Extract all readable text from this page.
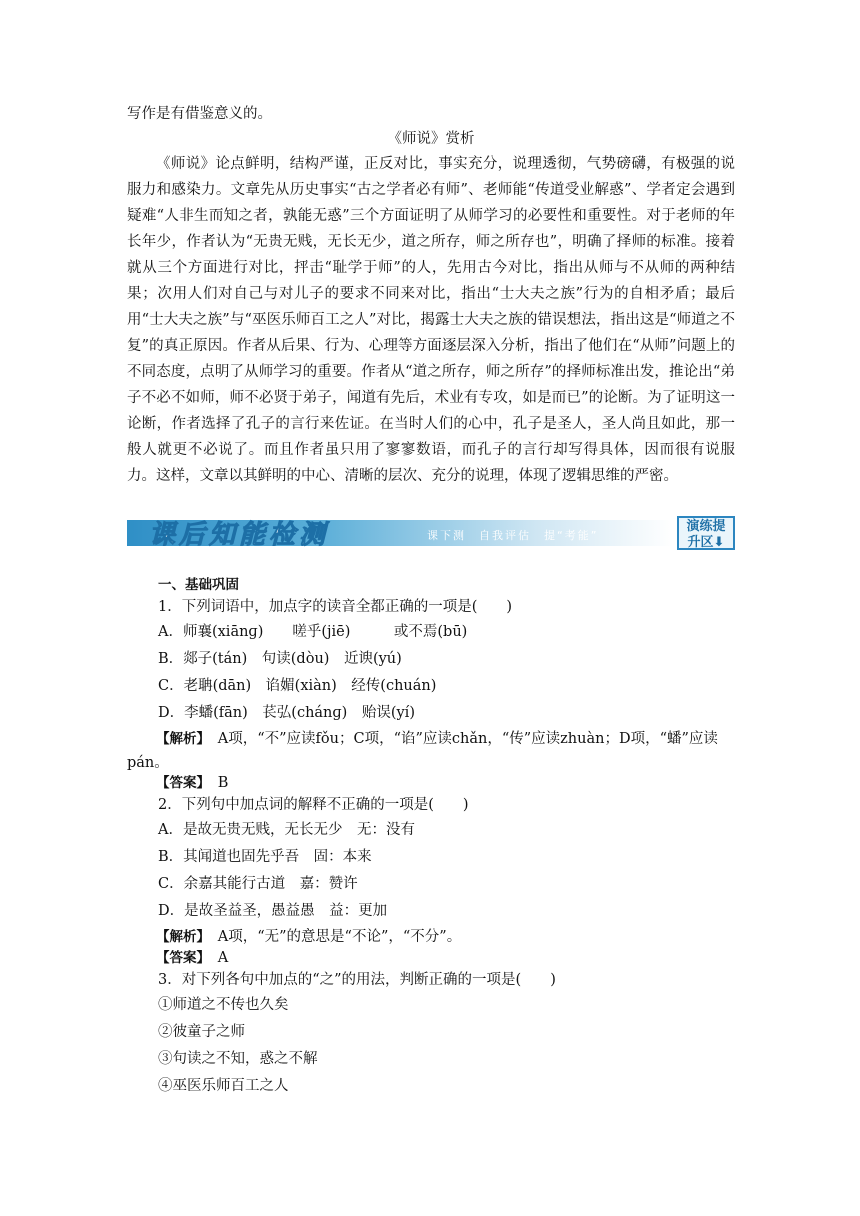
写作是有借鉴意义的。

《师说》赏析

《师说》论点鲜明，结构严谨，正反对比，事实充分，说理透彻，气势磅礴，有极强的说服力和感染力。文章先从历史事实“古之学者必有师”、老师能“传道受业解惑”、学者定会遇到疑难“人非生而知之者，孰能无惑”三个方面证明了从师学习的必要性和重要性。对于老师的年长年少，作者认为“无贵无贱，无长无少，道之所存，师之所存也”，明确了择师的标准。接着就从三个方面进行对比，抨击“耻学于师”的人，先用古今对比，指出从师与不从师的两种结果；次用人们对自己与对儿子的要求不同来对比，指出“士大夫之族”行为的自相矛盾；最后用“士大夫之族”与“巫医乐师百工之人”对比，揭露士大夫之族的错误想法，指出这是“师道之不复”的真正原因。作者从后果、行为、心理等方面逐层深入分析，指出了他们在“从师”问题上的不同态度，点明了从师学习的重要。作者从“道之所存，师之所存”的择师标准出发，推论出“弟子不必不如师，师不必贤于弟子，闻道有先后，术业有专攻，如是而已”的论断。为了证明这一论断，作者选择了孔子的言行来佐证。在当时人们的心中，孔子是圣人，圣人尚且如此，那一般人就更不必说了。而且作者虽只用了寥寥数语，而孔子的言行却写得具体，因而很有说服力。这样，文章以其鲜明的中心、清晰的层次、充分的说理，体现了逻辑思维的严密。

课后知能检测	课下测　自我评估　提“考能”
演练提
升区⬇

一、基础巩固

1．下列词语中，加点字的读音全都正确的一项是(　　)

A．师襄(xiānɡ)　　嗟乎(jiē)　　　或不焉(bū)

B．郯子(tán)　句读(dòu)　近谀(yú)

C．老聃(dān)　谄媚(xiàn)　经传(chuán)

D．李蟠(fān)　苌弘(chánɡ)　贻误(yí)

【解析】　A项，“不”应读fǒu；C项，“谄”应读chǎn，“传”应读zhuàn；D项，“蟠”应读pán。

【答案】　B

2．下列句中加点词的解释不正确的一项是(　　)

A．是故无贵无贱，无长无少　无：没有

B．其闻道也固先乎吾　固：本来

C．余嘉其能行古道　嘉：赞许

D．是故圣益圣，愚益愚　益：更加

【解析】　A项，“无”的意思是“不论”，“不分”。

【答案】　A

3．对下列各句中加点的“之”的用法，判断正确的一项是(　　)

①师道之不传也久矣

②彼童子之师

③句读之不知，惑之不解

④巫医乐师百工之人
